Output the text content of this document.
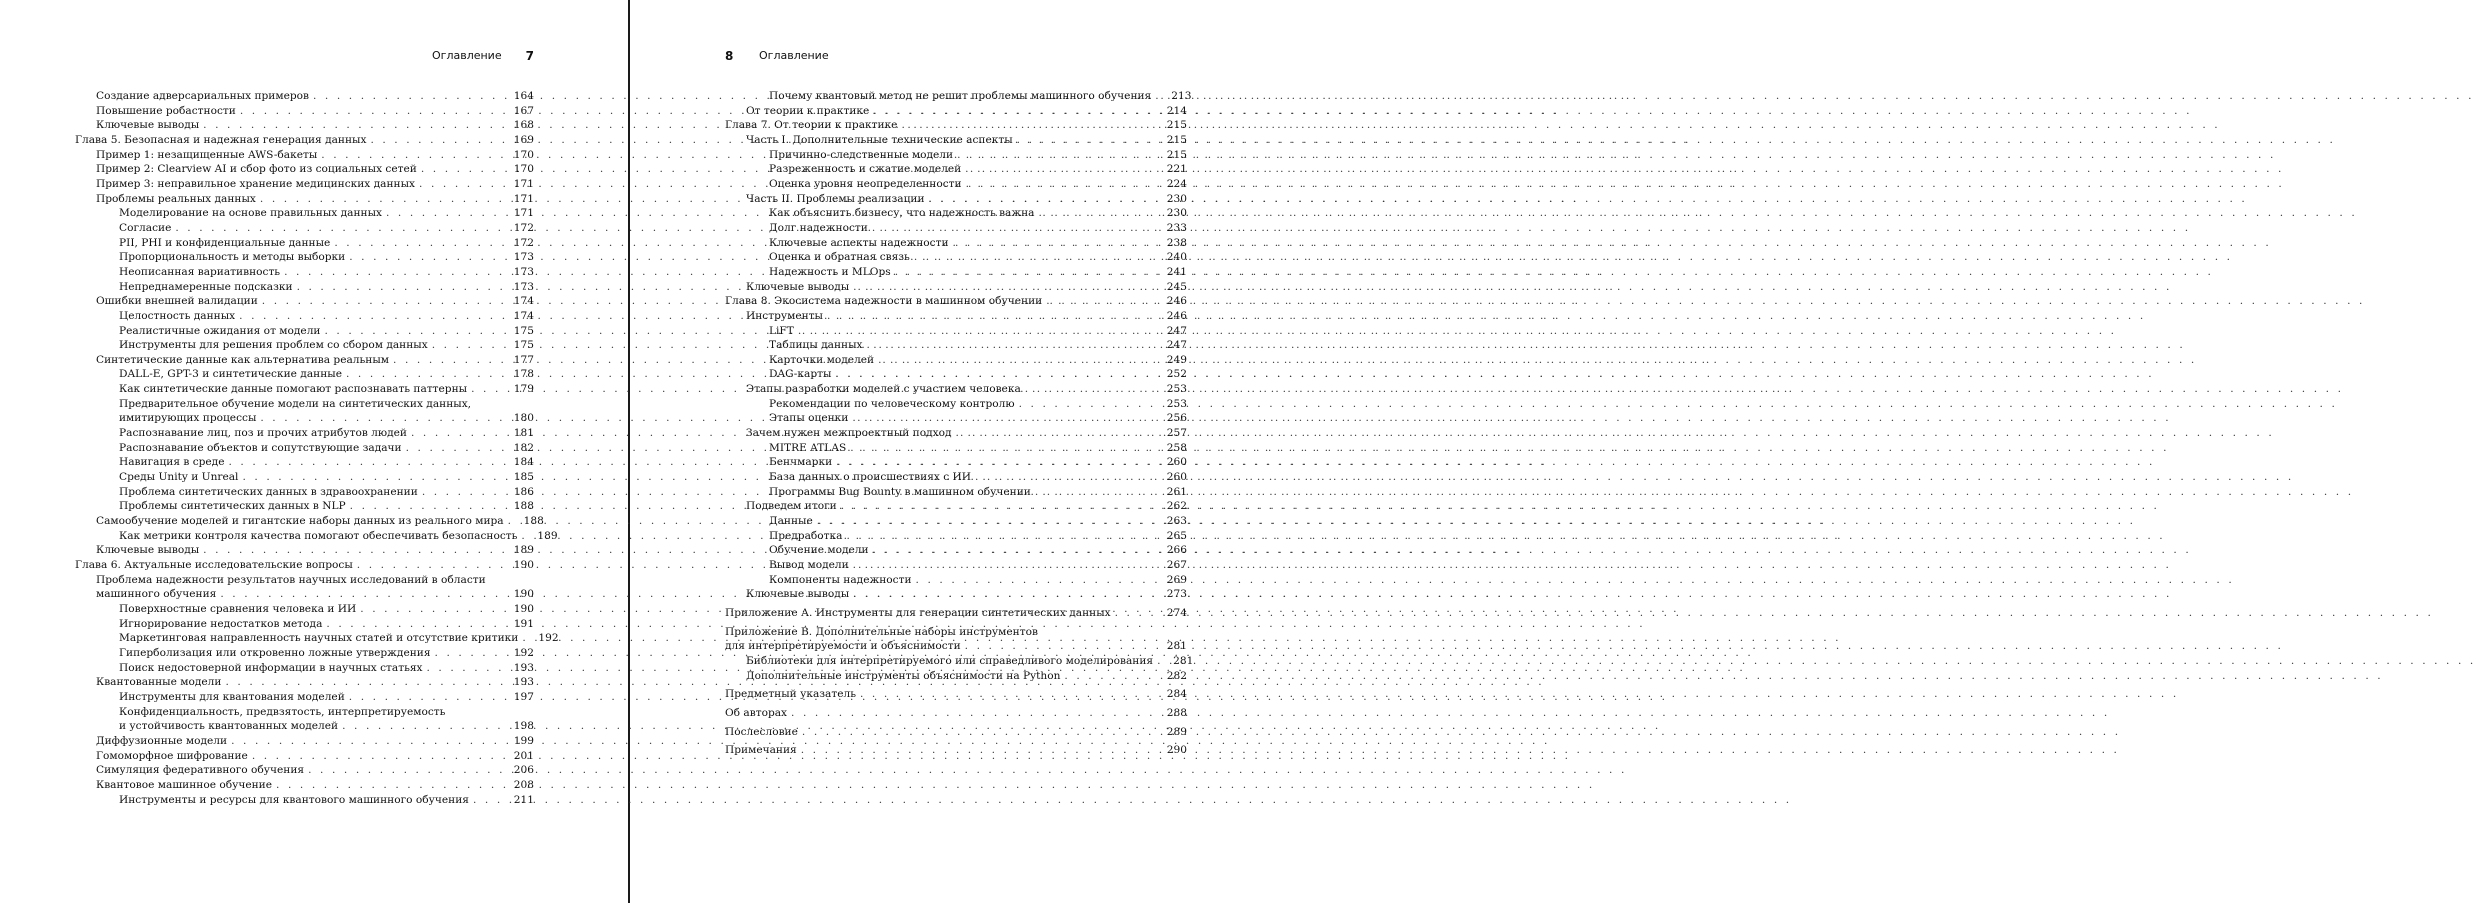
Оглавление 7	8 Оглавление
Создание адверсариальных примеров . . .	164
Повышение робастности . . .	167
Ключевые выводы . . .	168
Глава 5. Безопасная и надежная генерация данных . . .	169
Пример 1: незащищенные AWS-бакеты . . .	170
Пример 2: Clearview AI и сбор фото из социальных сетей . . .	170
Пример 3: неправильное хранение медицинских данных . . .	171
Проблемы реальных данных . . .	171
Моделирование на основе правильных данных . . .	171
Согласие . . .	172
PII, PHI и конфиденциальные данные . . .	172
Пропорциональность и методы выборки . . .	173
Неописанная вариативность . . .	173
Непреднамеренные подсказки . . .	173
Ошибки внешней валидации . . .	174
Целостность данных . . .	174
Реалистичные ожидания от модели . . .	175
Инструменты для решения проблем со сбором данных . . .	175
Синтетические данные как альтернатива реальным . . .	177
DALL-E, GPT-3 и синтетические данные . . .	178
Как синтетические данные помогают распознавать паттерны . . .	179
Предварительное обучение модели на синтетических данных,
имитирующих процессы . . .	180
Распознавание лиц, поз и прочих атрибутов людей . . .	181
Распознавание объектов и сопутствующие задачи . . .	182
Навигация в среде . . .	184
Среды Unity и Unreal . . .	185
Проблема синтетических данных в здравоохранении . . .	186
Проблемы синтетических данных в NLP . . .	188
Самообучение моделей и гигантские наборы данных из реального мира . . .	188
Как метрики контроля качества помогают обеспечивать безопасность . . .	189
Ключевые выводы . . .	189
Глава 6. Актуальные исследовательские вопросы . . .	190
Проблема надежности результатов научных исследований в области
машинного обучения . . .	190
Поверхностные сравнения человека и ИИ . . .	190
Игнорирование недостатков метода . . .	191
Маркетинговая направленность научных статей и отсутствие критики . . .	192
Гиперболизация или откровенно ложные утверждения . . .	192
Поиск недостоверной информации в научных статьях . . .	193
Квантованные модели . . .	193
Инструменты для квантования моделей . . .	197
Конфиденциальность, предвзятость, интерпретируемость
и устойчивость квантованных моделей . . .	198
Диффузионные модели . . .	199
Гомоморфное шифрование . . .	201
Симуляция федеративного обучения . . .	206
Квантовое машинное обучение . . .	208
Инструменты и ресурсы для квантового машинного обучения . . .	211
Почему квантовый метод не решит проблемы машинного обучения . . .	213
От теории к практике . . .	214
Глава 7. От теории к практике . . .	215
Часть I. Дополнительные технические аспекты . . .	215
Причинно-следственные модели . . .	215
Разреженность и сжатие моделей . . .	221
Оценка уровня неопределенности . . .	224
Часть II. Проблемы реализации . . .	230
Как объяснить бизнесу, что надежность важна . . .	230
Долг надежности . . .	233
Ключевые аспекты надежности . . .	238
Оценка и обратная связь . . .	240
Надежность и MLOps . . .	241
Ключевые выводы . . .	245
Глава 8. Экосистема надежности в машинном обучении . . .	246
Инструменты . . .	246
LiFT . . .	247
Таблицы данных . . .	247
Карточки моделей . . .	249
DAG-карты . . .	252
Этапы разработки моделей с участием человека . . .	253
Рекомендации по человеческому контролю . . .	253
Этапы оценки . . .	256
Зачем нужен межпроектный подход . . .	257
MITRE ATLAS . . .	258
Бенчмарки . . .	260
База данных о происшествиях с ИИ . . .	260
Программы Bug Bounty в машинном обучении . . .	261
Подведем итоги . . .	262
Данные . . .	263
Предработка . . .	265
Обучение модели . . .	266
Вывод модели . . .	267
Компоненты надежности . . .	269
Ключевые выводы . . .	273
Приложение А. Инструменты для генерации синтетических данных . . .	274
Приложение B. Дополнительные наборы инструментов
для интерпретируемости и объяснимости . . .	281
Библиотеки для интерпретируемого или справедливого моделирования . . .	281
Дополнительные инструменты объяснимости на Python . . .	282
Предметный указатель . . .	284
Об авторах . . .	288
Послесловие . . .	289
Примечания . . .	290
